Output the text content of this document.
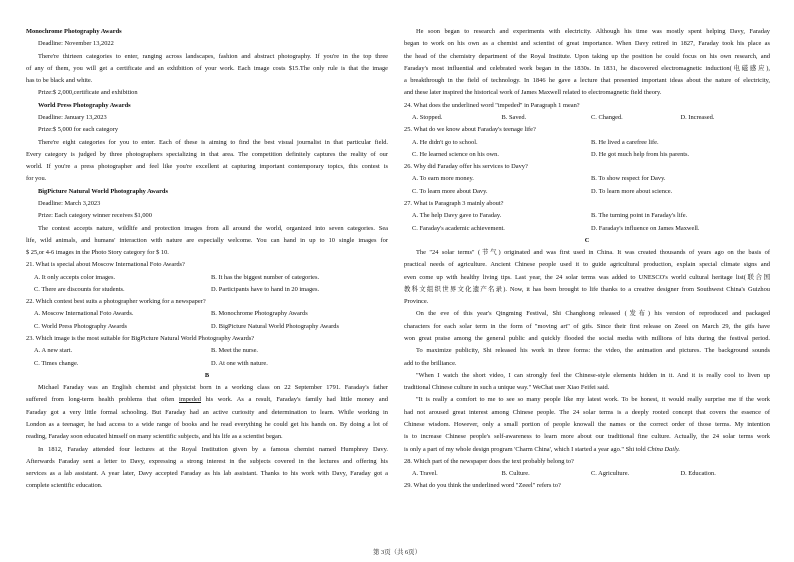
Monochrome Photography Awards
Deadline: November 13,2022
There're thirteen categories to enter, ranging across landscapes, fashion and abstract photography. If you're in the top three
of any of them, you will get a certificate and an exhibition of your work. Each image costs $15.The only rule is that the image
has to be black and white.
Prize:$ 2,000,certificate and exhibition
World Press Photography Awards
Deadline: January 13,2023
Prize:$ 5,000 for each category
There're eight categories for you to enter. Each of these is aiming to find the best visual journalist in that particular field.
Every category is judged by three photographers specializing in that area. The competition definitely captures the reality of our
world. If you're a press photographer and feel like you're excellent at capturing important contemporary topics, this contest is
for you.
BigPicture Natural World Photography Awards
Deadline: March 3,2023
Prize: Each category winner receives $1,000
The contest accepts nature, wildlife and protection images from all around the world, organized into seven categories. Sea
life, wild animals, and humans' interaction with nature are especially welcome. You can hand in up to 10 single images for
$ 25,or 4-6 images in the Photo Story category for $ 10.
21. What is special about Moscow International Foto Awards?
A. It only accepts color images.	B. It has the biggest number of categories.
C. There are discounts for students.	D. Participants have to hand in 20 images.
22. Which contest best suits a photographer working for a newspaper?
A. Moscow International Foto Awards.	B. Monochrome Photography Awards
C. World Press Photography Awards	D. BigPicture Natural World Photography Awards
23. Which image is the most suitable for BigPicture Natural World Photography Awards?
A. A new start.	B. Meet the nurse.
C. Times change.	D. At one with nature.
B
Michael Faraday was an English chemist and physicist born in a working class on 22 September 1791. Faraday's father
suffered from long-term health problems that often impeded his work. As a result, Faraday's family had little money and
Faraday got a very little formal schooling. But Faraday had an active curiosity and determination to learn. While working in
London as a teenager, he had access to a wide range of books and he read everything he could get his hands on. By doing a lot of
reading, Faraday soon educated himself on many scientific subjects, and his life as a scientist began.
In 1812, Faraday attended four lectures at the Royal Institution given by a famous chemist named Humphrey Davy.
Afterwards Faraday sent a letter to Davy, expressing a strong interest in the subjects covered in the lectures and offering his
services as a lab assistant. A year later, Davy accepted Faraday as his lab assistant. Thanks to his work with Davy, Faraday got a
complete scientific education.
He soon began to research and experiments with electricity. Although his time was mostly spent helping Davy, Faraday
began to work on his own as a chemist and scientist of great importance. When Davy retired in 1827, Faraday took his place as
the head of the chemistry department of the Royal Institute. Upon taking up the position he could focus on his own research, and
Faraday's most influential and celebrated work began in the 1830s. In 1831, he discovered electromagnetic induction(电磁感应),
a breakthrough in the field of technology. In 1846 he gave a lecture that presented important ideas about the nature of electricity,
and these later inspired the historical work of James Maxwell related to electromagnetic field theory.
24. What does the underlined word "impeded" in Paragraph 1 mean?
A. Stopped.	B. Saved.	C. Changed.	D. Increased.
25. What do we know about Faraday's teenage life?
A. He didn't go to school.	B. He lived a carefree life.
C. He learned science on his own.	D. He got much help from his parents.
26. Why did Faraday offer his services to Davy?
A. To earn more money.	B. To show respect for Davy.
C. To learn more about Davy.	D. To learn more about science.
27. What is Paragraph 3 mainly about?
A. The help Davy gave to Faraday.	B. The turning point in Faraday's life.
C. Faraday's academic achievement.	D. Faraday's influence on James Maxwell.
C
The "24 solar terms" (节气) originated and was first used in China. It was created thousands of years ago on the basis of
practical needs of agriculture. Ancient Chinese people used it to guide agricultural production, explain special climate signs and
even come up with healthy living tips. Last year, the 24 solar terms was added to UNESCO's world cultural heritage list(联合国
教科文组织世界文化遗产名录). Now, it has been brought to life thanks to a creative designer from Southwest China's Guizhou
Province.
On the eve of this year's Qingming Festival, Shi Changhong released (发布) his version of reproduced and packaged
characters for each solar term in the form of "moving art" of gifs. Since their first release on Zeeel on March 29, the gifs have
won great praise among the general public and quickly flooded the social media with millions of hits during the festival period.
To maximize publicity, Shi released his work in three forms: the video, the animation and pictures. The background sounds
add to the brilliance.
"When I watch the short video, I can strongly feel the Chinese-style elements hidden in it. And it is really cool to liven up
traditional Chinese culture in such a unique way." WeChat user Xiao Feifei said.
"It is really a comfort to me to see so many people like my latest work. To be honest, it would really surprise me if the work
had not aroused great interest among Chinese people. The 24 solar terms is a deeply rooted concept that covers the essence of
Chinese wisdom. However, only a small portion of people knowall the names or the correct order of those terms. My intention
is to increase Chinese people's self-awareness to learn more about our traditional fine culture. Actually, the 24 solar terms work
is only a part of my whole design program 'Charm China', which I started a year ago." Shi told China Daily.
28. Which part of the newspaper does the text probably belong to?
A. Travel.	B. Culture.	C. Agriculture.	D. Education.
29. What do you think the underlined word "Zeeel" refers to?
第 3页（共 6页）
